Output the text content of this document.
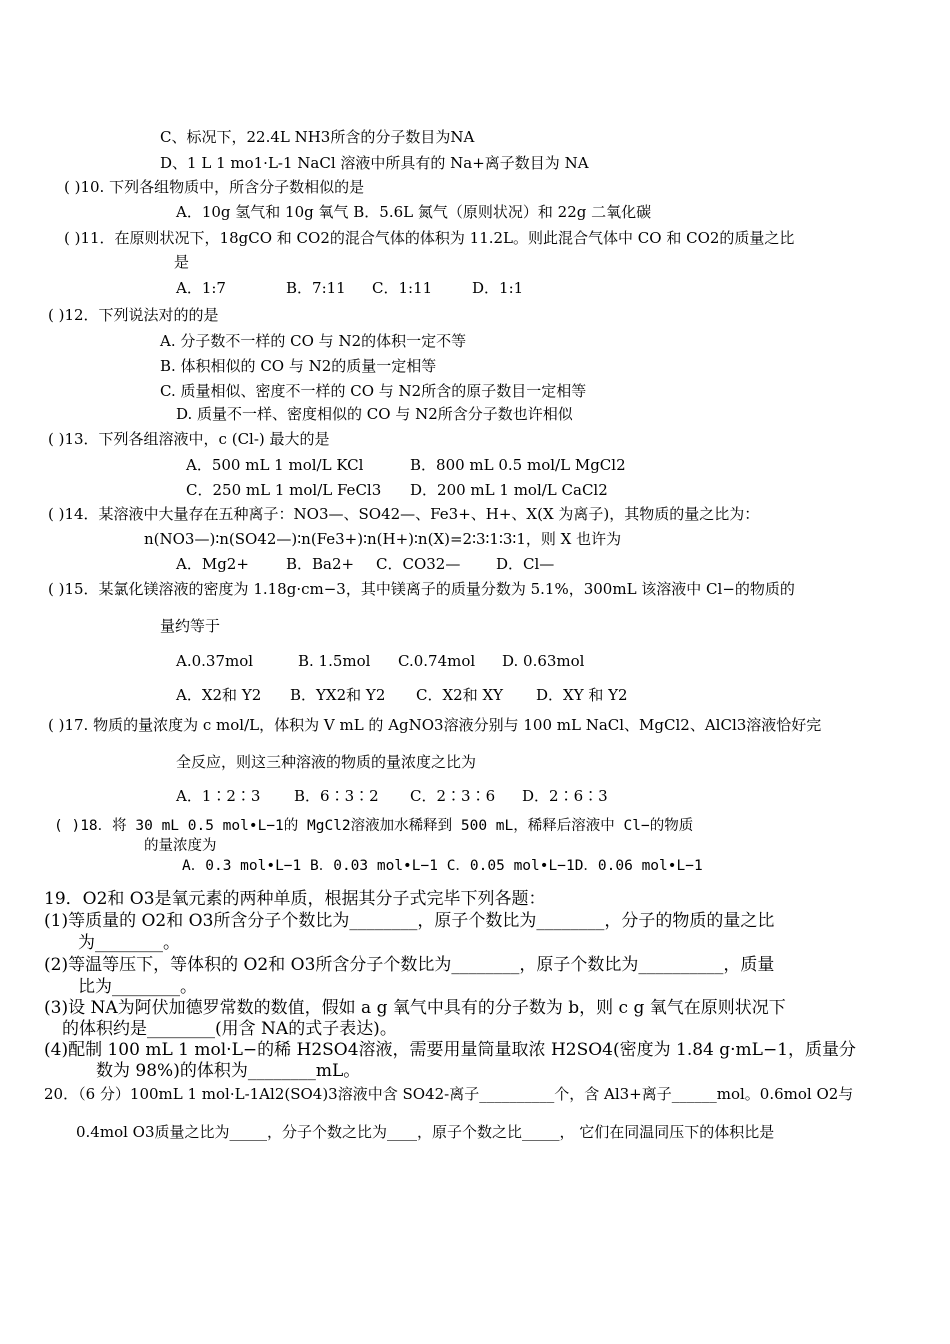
C、标况下，22.4L NH3所含的分子数目为NA
D、1 L 1 mo1·L-1 NaCl 溶液中所具有的 Na+离子数目为 NA
( )10. 下列各组物质中，所含分子数相似的是
A．10g 氢气和 10g 氧气 B．5.6L 氮气（原则状况）和 22g 二氧化碳
( )11．在原则状况下，18gCO 和 CO2的混合气体的体积为 11.2L。则此混合气体中 CO 和 CO2的质量之比
是
A．1:7	B．7:11 C．1:11	D．1:1
( )12．下列说法对的的是
A. 分子数不一样的 CO 与 N2的体积一定不等
B. 体积相似的 CO 与 N2的质量一定相等
C. 质量相似、密度不一样的 CO 与 N2所含的原子数目一定相等
D. 质量不一样、密度相似的 CO 与 N2所含分子数也许相似
( )13．下列各组溶液中，c (Cl-) 最大的是
A．500 mL 1 mol/L KCl	B．800 mL 0.5 mol/L MgCl2
C．250 mL 1 mol/L FeCl3 D．200 mL 1 mol/L CaCl2
( )14．某溶液中大量存在五种离子：NO3—、SO42—、Fe3+、H+、X(X 为离子)，其物质的量之比为：
n(NO3—)∶n(SO42—)∶n(Fe3+)∶n(H+)∶n(X)=2∶3∶1∶3∶1，则 X 也许为
A．Mg2+ B．Ba2+ C．CO32— D．Cl—
( )15．某氯化镁溶液的密度为 1.18g·cm−3，其中镁离子的质量分数为 5.1%，300mL 该溶液中 Cl−的物质的
量约等于
A.0.37mol	B. 1.5mol C.0.74mol D. 0.63mol
A．X2和 Y2 B．YX2和 Y2 C．X2和 XY D．XY 和 Y2
( )17. 物质的量浓度为 c mol/L，体积为 V mL 的 AgNO3溶液分别与 100 mL NaCl、MgCl2、AlCl3溶液恰好完
全反应，则这三种溶液的物质的量浓度之比为
A．1∶2∶3 B．6∶3∶2 C．2∶3∶6 D．2∶6∶3
( )18．将 30 mL 0.5 mol•L−1的 MgCl2溶液加水稀释到 500 mL，稀释后溶液中 Cl−的物质
的量浓度为
A．0.3 mol•L−1 B．0.03 mol•L−1 C．0.05 mol•L−1D．0.06 mol•L−1
19．O2和 O3是氧元素的两种单质，根据其分子式完毕下列各题：
(1)等质量的 O2和 O3所含分子个数比为________，原子个数比为________，分子的物质的量之比
为________。
(2)等温等压下，等体积的 O2和 O3所含分子个数比为________，原子个数比为__________，质量
比为________。
(3)设 NA为阿伏加德罗常数的数值，假如 a g 氧气中具有的分子数为 b，则 c g 氧气在原则状况下
的体积约是________(用含 NA的式子表达)。
(4)配制 100 mL 1 mol·L−的稀 H2SO4溶液，需要用量筒量取浓 H2SO4(密度为 1.84 g·mL−1，质量分
数为 98%)的体积为________mL。
20．（6 分）100mL 1 mol·L-1Al2(SO4)3溶液中含 SO42-离子__________个，含 Al3+离子______mol。0.6mol O2与
0.4mol O3质量之比为_____，分子个数之比为____，原子个数之比_____， 它们在同温同压下的体积比是
